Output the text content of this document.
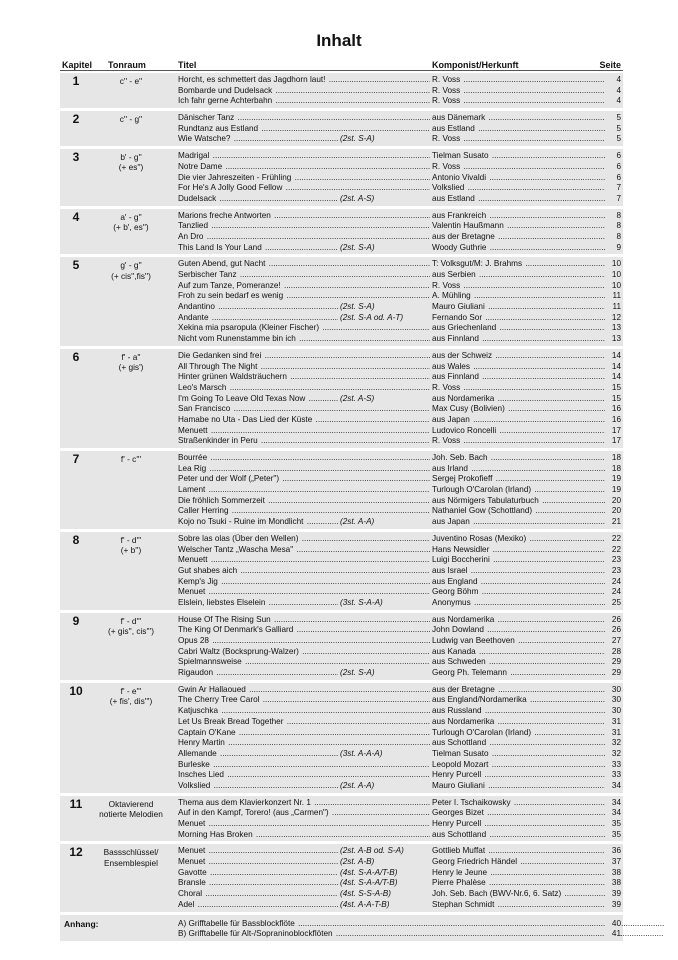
Inhalt
Kapitel Tonraum	Titel	Komponist/Herkunft	Seite
1	c'' - e''	Horcht, es schmettert das Jagdhorn laut! .....	R. Voss .....	4
Bombarde und Dudelsack .....	R. Voss .....	4
Ich fahr gerne Achterbahn .....	R. Voss .....	4
2	c'' - g''	Dänischer Tanz .....	aus Dänemark .....	5
Rundtanz aus Estland .....	aus Estland .....	5
Wie Watsche? .....	(2st. S-A)	R. Voss .....	5
3	b' - g''
(+ es'')
Madrigal .....	Tielman Susato .....	6
Notre Dame .....	R. Voss .....	6
Die vier Jahreszeiten - Frühling .....	Antonio Vivaldi .....	6
For He's A Jolly Good Fellow .....	Volkslied .....	7
Dudelsack .....	(2st. A-S)	aus Estland .....	7
4	a' - g''
(+ b', es'')
Marions freche Antworten .....	aus Frankreich .....	8
Tanzlied .....	Valentin Haußmann .....	8
An Dro .....	aus der Bretagne .....	8
This Land Is Your Land .....	(2st. S-A)	Woody Guthrie .....	9
5	g' - g''
(+ cis'',fis'')
Guten Abend, gut Nacht .....	T: Volksgut/M: J. Brahms .....	10
Serbischer Tanz .....	aus Serbien .....	10
Auf zum Tanze, Pomeranze! .....	R. Voss .....	10
Froh zu sein bedarf es wenig .....	A. Mühling .....	11
Andantino .....	(2st. S-A)	Mauro Giuliani .....	11
Andante .....	(2st. S-A od. A-T)	Fernando Sor .....	12
Xekina mia psaropula (Kleiner Fischer) .....	aus Griechenland .....	13
Nicht vom Runenstamme bin ich .....	aus Finnland .....	13
6	f' - a''
(+ gis')
Die Gedanken sind frei .....	aus der Schweiz .....	14
All Through The Night .....	aus Wales .....	14
Hinter grünen Waldsträuchern .....	aus Finnland .....	14
Leo's Marsch .....	R. Voss .....	15
I'm Going To Leave Old Texas Now .....	(2st. A-S)	aus Nordamerika .....	15
San Francisco .....	Max Cusy (Bolivien) .....	16
Hamabe no Uta - Das Lied der Küste .....	aus Japan .....	16
Menuett .....	Ludovico Roncelli .....	17
Straßenkinder in Peru .....	R. Voss .....	17
7	f' - c'''	Bourrée .....	Joh. Seb. Bach .....	18
Lea Rig .....	aus Irland .....	18
Peter und der Wolf („Peter") .....	Sergej Prokofieff .....	19
Lament .....	Turlough O'Carolan (Irland) .....	19
Die fröhlich Sommerzeit .....	aus Nörmigers Tabulaturbuch .....	20
Caller Herring .....	Nathaniel Gow (Schottland) .....	20
Kojo no Tsuki - Ruine im Mondlicht .....	(2st. A-A)	aus Japan .....	21
8	f' - d'''
(+ b'')
Sobre las olas (Über den Wellen) .....	Juventino Rosas (Mexiko) .....	22
Welscher Tantz „Wascha Mesa" .....	Hans Newsidler .....	22
Menuett .....	Luigi Boccherini .....	23
Gut shabes aich .....	aus Israel .....	23
Kemp's Jig .....	aus England .....	24
Menuet .....	Georg Böhm .....	24
Elslein, liebstes Elselein .....	(3st. S-A-A)	Anonymus .....	25
9	f' - d'''
(+ gis'', cis''')
House Of The Rising Sun .....	aus Nordamerika .....	26
The King Of Denmark's Galliard .....	John Dowland .....	26
Opus 28 .....	Ludwig van Beethoven .....	27
Cabri Waltz (Bocksprung-Walzer) .....	aus Kanada .....	28
Spielmannsweise .....	aus Schweden .....	29
Rigaudon .....	(2st. S-A)	Georg Ph. Telemann .....	29
10	f' - e'''
(+ fis', dis''')
Gwin Ar Hallaoued .....	aus der Bretagne .....	30
The Cherry Tree Carol .....	aus England/Nordamerika .....	30
Katjuschka .....	aus Russland .....	30
Let Us Break Bread Together .....	aus Nordamerika .....	31
Captain O'Kane .....	Turlough O'Carolan (Irland) .....	31
Henry Martin .....	aus Schottland .....	32
Allemande .....	(3st. A-A-A)	Tielman Susato .....	32
Burleske .....	Leopold Mozart .....	33
Insches Lied .....	Henry Purcell .....	33
Volkslied .....	(2st. A-A)	Mauro Giuliani .....	34
11	Oktavierend
notierte Melodien
Thema aus dem Klavierkonzert Nr. 1 .....	Peter I. Tschaikowsky .....	34
Auf in den Kampf, Torero! (aus „Carmen") .....	Georges Bizet .....	34
Menuet .....	Henry Purcell .....	35
Morning Has Broken .....	aus Schottland .....	35
12	Bassschlüssel/
Ensemblespiel
Menuet .....	(2st. A-B od. S-A)	Gottlieb Muffat .....	36
Menuet .....	(2st. A-B)	Georg Friedrich Händel .....	37
Gavotte .....	(4st. S-A-A/T-B)	Henry le Jeune .....	38
Bransle .....	(4st. S-A-A/T-B)	Pierre Phalèse .....	38
Choral .....	(4st. S-S-A-B)	Joh. Seb. Bach (BWV-Nr.6, 6. Satz) .....	39
Adel .....	(4st. A-A-T-B)	Stephan Schmidt .....	39
Anhang:	A) Grifftabelle für Bassblockflöte .....	40
B) Grifftabelle für Alt-/Sopraninoblockflöten .....	41
